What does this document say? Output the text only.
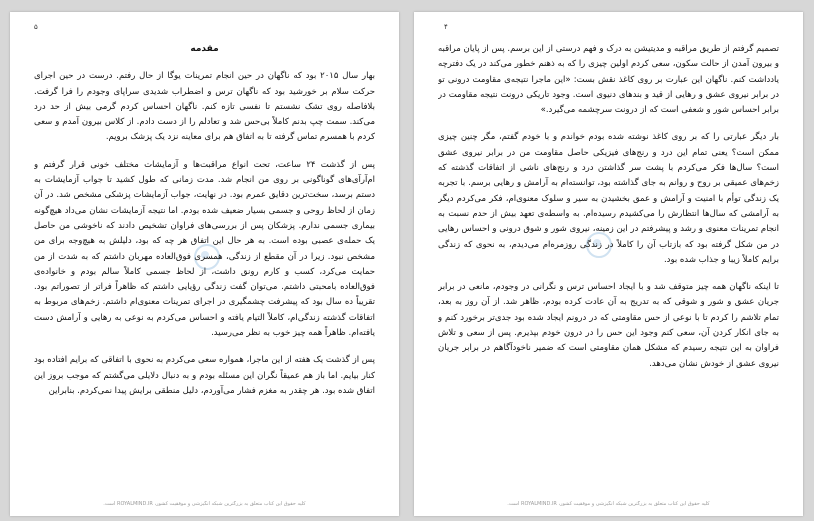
۵
مقدمه

بهار سال ۲۰۱۵ بود که ناگهان در حین انجام تمرینات یوگا از حال رفتم. درست در حین اجرای حرکت سلام بر خورشید بود که ناگهان ترس و اضطراب شدیدی سراپای وجودم را فرا گرفت. بلافاصله روی تشک نشستم تا نفسی تازه کنم. ناگهان احساس کردم گرمی بیش از حد درد می‌کند. سمت چپ بدنم کاملاً بی‌حس شد و تعادلم را از دست دادم. از کلاس بیرون آمدم و سعی کردم با همسرم تماس گرفته تا به اتفاق هم برای معاینه نزد یک پزشک برویم.

پس از گذشت ۲۴ ساعت، تحت انواع مراقبت‌ها و آزمایشات مختلف خونی قرار گرفتم و ام‌آرآی‌های گوناگونی بر روی من انجام شد. مدت زمانی که طول کشید تا جواب آزمایشات به دستم برسد، سخت‌ترین دقایق عمرم بود. در نهایت، جواب آزمایشات پزشکی مشخص شد. در آن زمان از لحاظ روحی و جسمی بسیار ضعیف شده بودم. اما نتیجه آزمایشات نشان می‌داد هیچ‌گونه بیماری جسمی ندارم. پزشکان پس از بررسی‌های فراوان تشخیص دادند که ناخوشی من حاصل یک حمله‌ی عصبی بوده است. به هر حال این اتفاق هر چه که بود، دلیلش به هیچ‌وجه برای من مشخص نبود. زیرا در آن مقطع از زندگی، همسری فوق‌العاده مهربان داشتم که به شدت از من حمایت می‌کرد، کسب و کارم رونق داشت، از لحاظ جسمی کاملاً سالم بودم و خانواده‌ی فوق‌العاده بامحبتی داشتم. می‌توان گفت زندگی رؤیایی داشتم که ظاهراً فراتر از تصوراتم بود. تقریباً ده سال بود که پیشرفت چشمگیری در اجرای تمرینات معنوی‌ام داشتم. زخم‌های مربوط به اتفاقات گذشته زندگی‌ام، کاملاً التیام یافته و احساس می‌کردم به نوعی به رهایی و آرامش دست یافته‌ام. ظاهراً همه چیز خوب به نظر می‌رسید.

پس از گذشت یک هفته از این ماجرا، همواره سعی می‌کردم به نحوی با اتفاقی که برایم افتاده بود کنار بیایم. اما باز هم عمیقاً نگران این مسئله بودم و به دنبال دلایلی می‌گشتم که موجب بروز این اتفاق شده بود. هر چقدر به مغزم فشار می‌آوردم، دلیل منطقی برایش پیدا نمی‌کردم. بنابراین

کلیه حقوق این کتاب متعلق به بزرگترین شبکه انگیزشی و موفقیت کشور، ROYALMIND.IR است.
۴

تصمیم گرفتم از طریق مراقبه و مدیتیشن به درک و فهم درستی از این برسم. پس از پایان مراقبه و بیرون آمدن از حالت سکون، سعی کردم اولین چیزی را که به ذهنم خطور می‌کند در یک دفترچه یادداشت کنم. ناگهان این عبارت بر روی کاغذ نقش بست: «این ماجرا نتیجه‌ی مقاومت درونی تو در برابر نیروی عشق و رهایی از قید و بندهای دنیوی است. وجود تاریکی درونت نتیجه مقاومت در برابر احساس شور و شعفی است که از درونت سرچشمه می‌گیرد.»

بار دیگر عبارتی را که بر روی کاغذ نوشته شده بودم خواندم و با خودم گفتم، مگر چنین چیزی ممکن است؟ یعنی تمام این درد و رنج‌های فیزیکی حاصل مقاومت من در برابر نیروی عشق است؟ سال‌ها فکر می‌کردم با پشت سر گذاشتن درد و رنج‌های ناشی از اتفاقات گذشته که زخم‌های عمیقی بر روح و روانم به جای گذاشته بود، توانسته‌ام به آرامش و رهایی برسم. با تجربه یک زندگی توأم با امنیت و آرامش و عمق بخشیدن به سیر و سلوک معنوی‌ام، فکر می‌کردم دیگر به آرامشی که سال‌ها انتظارش را می‌کشیدم رسیده‌ام. به واسطه‌ی تعهد بیش از حدم نسبت به انجام تمرینات معنوی و رشد و پیشرفتم در این زمینه، نیروی شور و شوق درونی و احساس رهایی در من شکل گرفته بود که بازتاب آن را کاملاً در زندگی روزمره‌ام می‌دیدم، به نحوی که زندگی برایم کاملاً زیبا و جذاب شده بود.

تا اینکه ناگهان همه چیز متوقف شد و با ایجاد احساس ترس و نگرانی در وجودم، مانعی در برابر جریان عشق و شور و شوقی که به تدریج به آن عادت کرده بودم، ظاهر شد. از آن روز به بعد، تمام تلاشم را کردم تا با نوعی از حس مقاومتی که در درونم ایجاد شده بود جدی‌تر برخورد کنم و به جای انکار کردن آن، سعی کنم وجود این حس را در درون خودم بپذیرم. پس از سعی و تلاش فراوان به این نتیجه رسیدم که مشکل همان مقاومتی است که ضمیر ناخودآگاهم در برابر جریان نیروی عشق از خودش نشان می‌دهد.

کلیه حقوق این کتاب متعلق به بزرگترین شبکه انگیزشی و موفقیت کشور، ROYALMIND.IR است.
